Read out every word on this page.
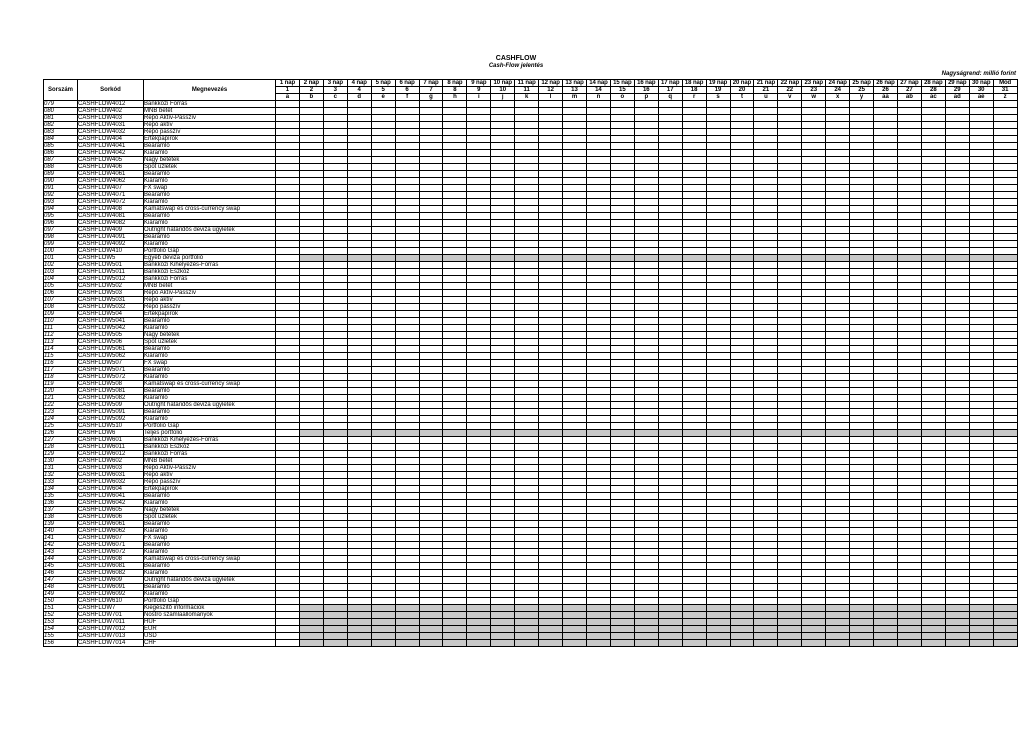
CASHFLOW
Cash-Flow jelentés
Nagyságrend: millió forint
Sorszám	Sorkód	Megnevezés	1 nap	2 nap	3 nap	4 nap	5 nap	6 nap	7 nap	8 nap	9 nap	10 nap	11 nap	12 nap	13 nap	14 nap	15 nap	16 nap	17 nap	18 nap	19 nap	20 nap	21 nap	22 nap	23 nap	24 nap	25 nap	26 nap	27 nap	28 nap	29 nap	30 nap	Mod
			1	2	3	4	5	6	7	8	9	10	11	12	13	14	15	16	17	18	19	20	21	22	23	24	25	26	27	28	29	30	31
			a	b	c	d	e	f	g	h	i	j	k	l	m	n	o	p	q	r	s	t	u	v	w	x	y	aa	ab	ac	ad	ae	z
079	CASHFLOW4012	Bankközi Forrás																															
080	CASHFLOW402	MNB betét																															
081	CASHFLOW403	Repó Aktív-Passzív																															
082	CASHFLOW4031	Repó aktív																															
083	CASHFLOW4032	Repó passzív																															
084	CASHFLOW404	Értékpapírok																															
085	CASHFLOW4041	Beáramló																															
086	CASHFLOW4042	Kiáramló																															
087	CASHFLOW405	Nagy betétek																															
088	CASHFLOW406	Spot üzletek																															
089	CASHFLOW4061	Beáramló																															
090	CASHFLOW4062	Kiáramló																															
091	CASHFLOW407	FX swap																															
092	CASHFLOW4071	Beáramló																															
093	CASHFLOW4072	Kiáramló																															
094	CASHFLOW408	Kamatswap és cross-currency swap																															
095	CASHFLOW4081	Beáramló																															
096	CASHFLOW4082	Kiáramló																															
097	CASHFLOW409	Outright határidős deviza ügyletek																															
098	CASHFLOW4091	Beáramló																															
099	CASHFLOW4092	Kiáramló																															
100	CASHFLOW410	Portfolió Gap																															
101	CASHFLOW5	Egyéb deviza portfolió																															
102	CASHFLOW501	Bankközi Kihelyezés-Forrás																															
103	CASHFLOW5011	Bankközi Eszköz																															
104	CASHFLOW5012	Bankközi Forrás																															
105	CASHFLOW502	MNB betét																															
106	CASHFLOW503	Repó Aktív-Passzív																															
107	CASHFLOW5031	Repó aktív																															
108	CASHFLOW5032	Repó passzív																															
109	CASHFLOW504	Értékpapírok																															
110	CASHFLOW5041	Beáramló																															
111	CASHFLOW5042	Kiáramló																															
112	CASHFLOW505	Nagy betétek																															
113	CASHFLOW506	Spot üzletek																															
114	CASHFLOW5061	Beáramló																															
115	CASHFLOW5062	Kiáramló																															
116	CASHFLOW507	FX swap																															
117	CASHFLOW5071	Beáramló																															
118	CASHFLOW5072	Kiáramló																															
119	CASHFLOW508	Kamatswap és cross-currency swap																															
120	CASHFLOW5081	Beáramló																															
121	CASHFLOW5082	Kiáramló																															
122	CASHFLOW509	Outright határidős deviza ügyletek																															
123	CASHFLOW5091	Beáramló																															
124	CASHFLOW5092	Kiáramló																															
125	CASHFLOW510	Portfolió Gap																															
126	CASHFLOW6	Teljes portfolió																															
127	CASHFLOW601	Bankközi Kihelyezés-Forrás																															
128	CASHFLOW6011	Bankközi Eszköz																															
129	CASHFLOW6012	Bankközi Forrás																															
130	CASHFLOW602	MNB betét																															
131	CASHFLOW603	Repó Aktív-Passzív																															
132	CASHFLOW6031	Repó aktív																															
133	CASHFLOW6032	Repó passzív																															
134	CASHFLOW604	Értékpapírok																															
135	CASHFLOW6041	Beáramló																															
136	CASHFLOW6042	Kiáramló																															
137	CASHFLOW605	Nagy betétek																															
138	CASHFLOW606	Spot üzletek																															
139	CASHFLOW6061	Beáramló																															
140	CASHFLOW6062	Kiáramló																															
141	CASHFLOW607	FX swap																															
142	CASHFLOW6071	Beáramló																															
143	CASHFLOW6072	Kiáramló																															
144	CASHFLOW608	Kamatswap és cross-currency swap																															
145	CASHFLOW6081	Beáramló																															
146	CASHFLOW6082	Kiáramló																															
147	CASHFLOW609	Outright határidős deviza ügyletek																															
148	CASHFLOW6091	Beáramló																															
149	CASHFLOW6092	Kiáramló																															
150	CASHFLOW610	Portfolió Gap																															
151	CASHFLOW7	Kiegészítő információk																															
152	CASHFLOW701	Nostro számlaállományok																															
153	CASHFLOW7011	HUF																															
154	CASHFLOW7012	EUR																															
155	CASHFLOW7013	USD																															
156	CASHFLOW7014	CHF																															
